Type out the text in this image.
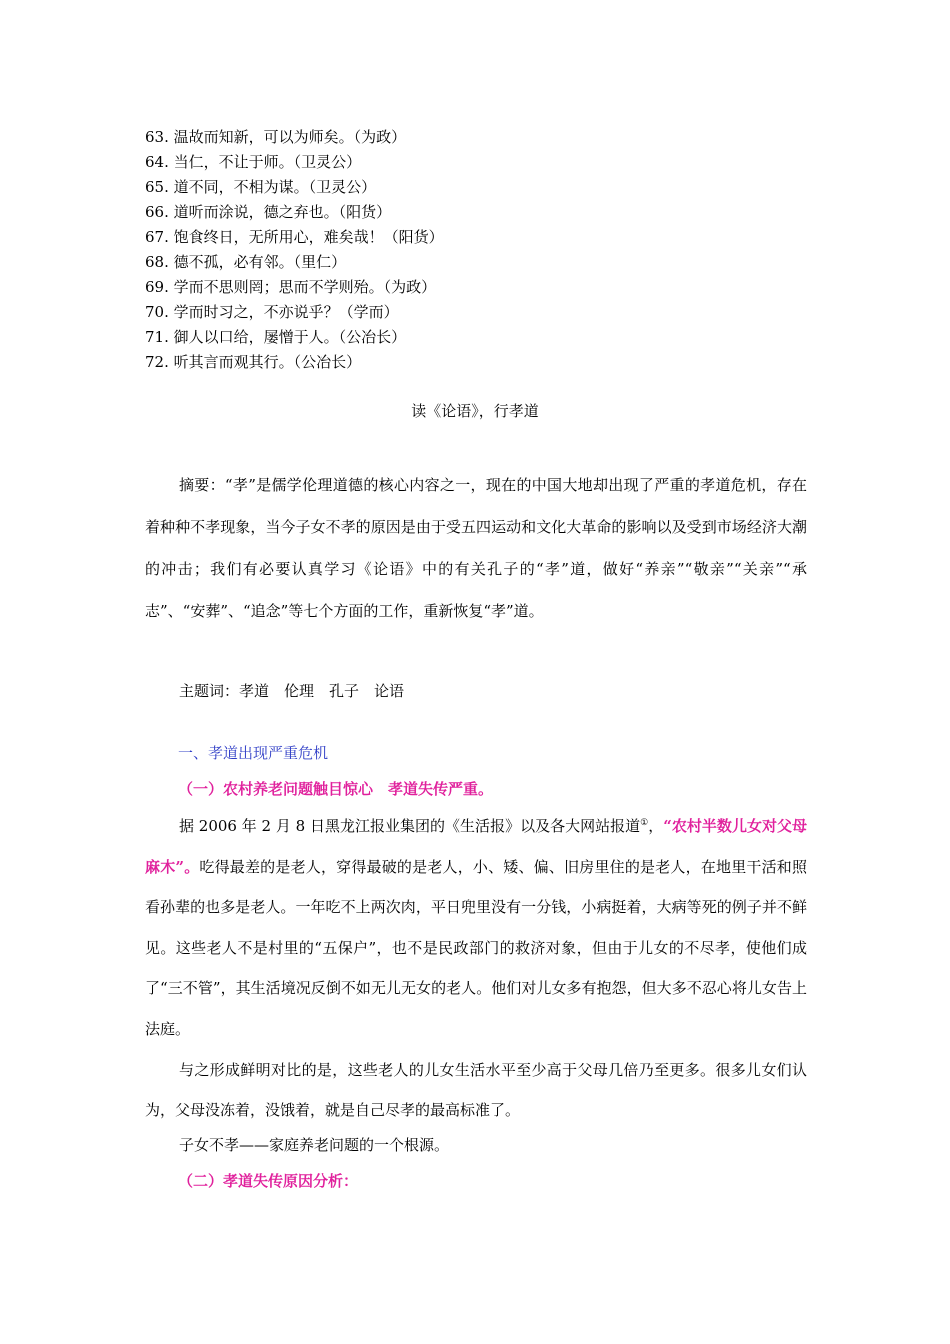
63. 温故而知新，可以为师矣。（为政）
64. 当仁，不让于师。（卫灵公）
65. 道不同，不相为谋。（卫灵公）
66. 道听而涂说，德之弃也。（阳货）
67. 饱食终日，无所用心，难矣哉！（阳货）
68. 德不孤，必有邻。（里仁）
69. 学而不思则罔；思而不学则殆。（为政）
70. 学而时习之，不亦说乎？（学而）
71. 御人以口给，屡憎于人。（公冶长）
72. 听其言而观其行。（公冶长）
读《论语》，行孝道

摘要：“孝”是儒学伦理道德的核心内容之一，现在的中国大地却出现了严重的孝道危机，存在着种种不孝现象，当今子女不孝的原因是由于受五四运动和文化大革命的影响以及受到市场经济大潮的冲击；我们有必要认真学习《论语》中的有关孔子的“孝”道，做好“养亲”“敬亲”“关亲”“承志”、“安葬”、“追念”等七个方面的工作，重新恢复“孝”道。

主题词：孝道　伦理　孔子　论语

一、孝道出现严重危机
（一）农村养老问题触目惊心　孝道失传严重。

据 2006 年 2 月 8 日黑龙江报业集团的《生活报》以及各大网站报道①，“农村半数儿女对父母麻木”。吃得最差的是老人，穿得最破的是老人，小、矮、偏、旧房里住的是老人，在地里干活和照看孙辈的也多是老人。一年吃不上两次肉，平日兜里没有一分钱，小病挺着，大病等死的例子并不鲜见。这些老人不是村里的“五保户”，也不是民政部门的救济对象，但由于儿女的不尽孝，使他们成了“三不管”，其生活境况反倒不如无儿无女的老人。他们对儿女多有抱怨，但大多不忍心将儿女告上法庭。

与之形成鲜明对比的是，这些老人的儿女生活水平至少高于父母几倍乃至更多。很多儿女们认为，父母没冻着，没饿着，就是自己尽孝的最高标准了。

子女不孝——家庭养老问题的一个根源。

（二）孝道失传原因分析：
